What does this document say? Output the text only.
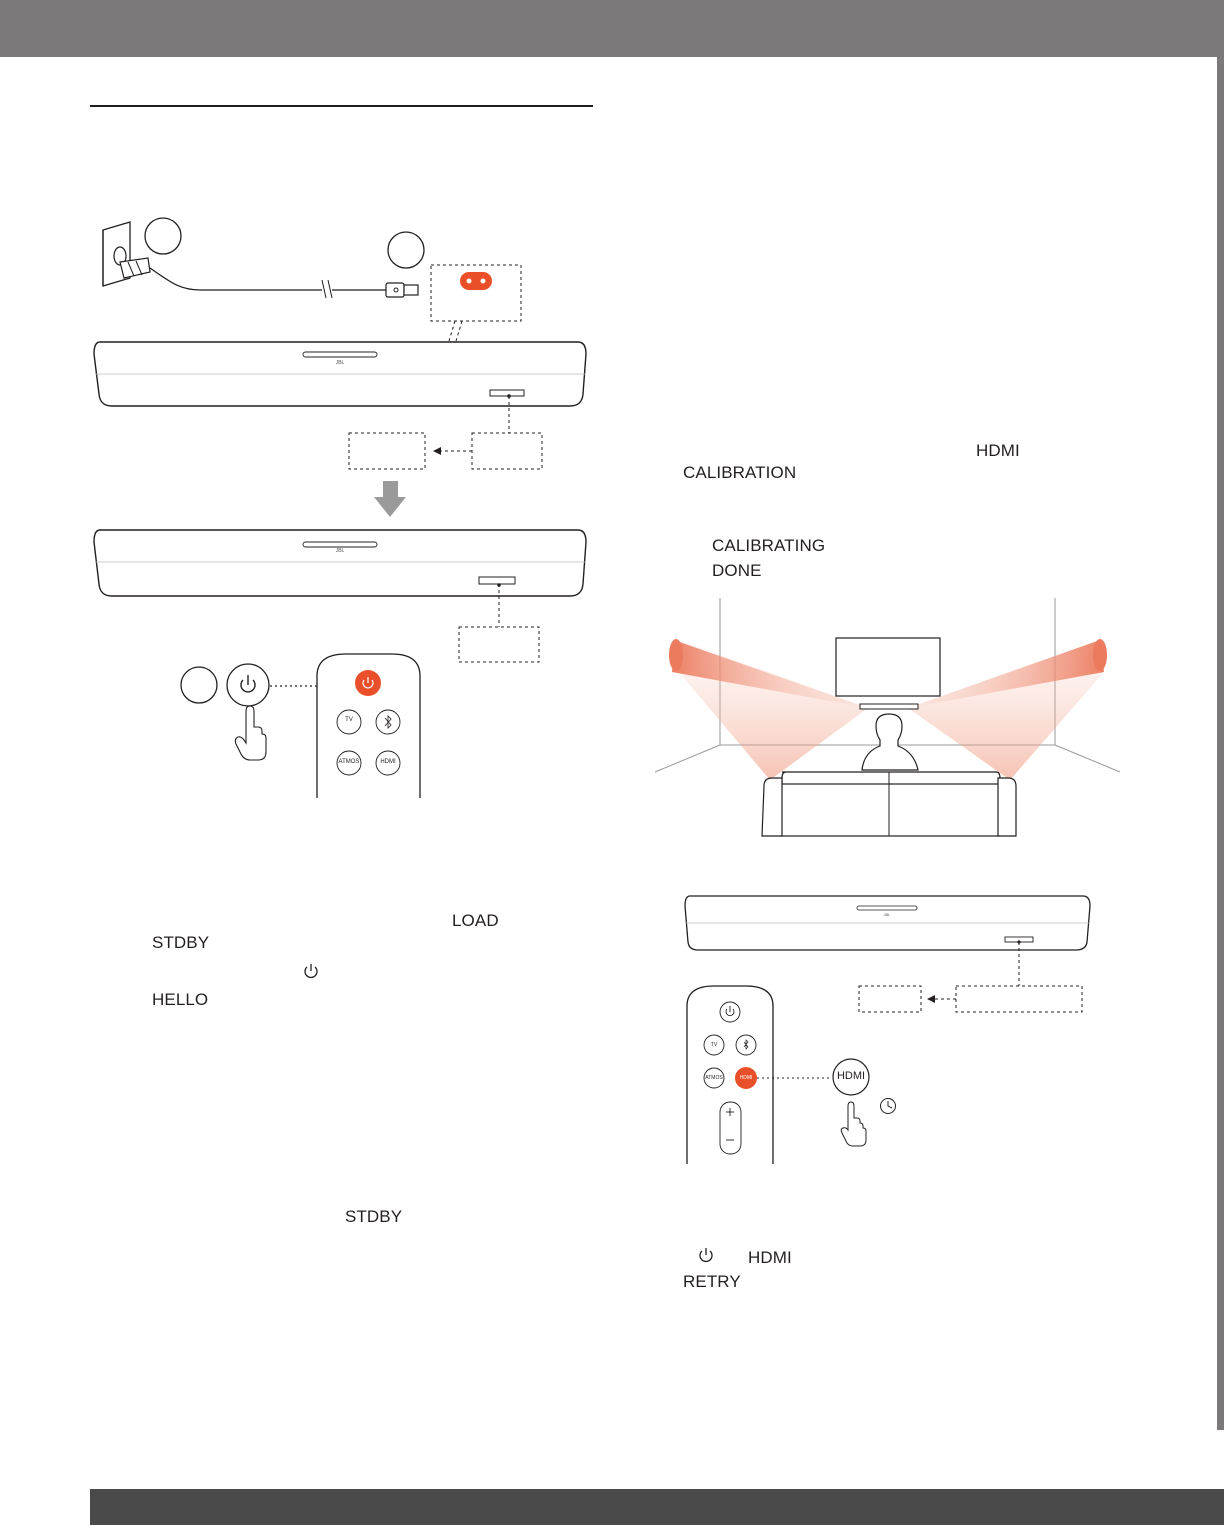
TV
ATMOS	HDMI
JBL
JBL
LOAD
STDBY
HELLO
STDBY
HDMI
CALIBRATION
CALIBRATING
DONE
TV
ATMOS	HDMI	HDMI
JBL
HDMI
RETRY
